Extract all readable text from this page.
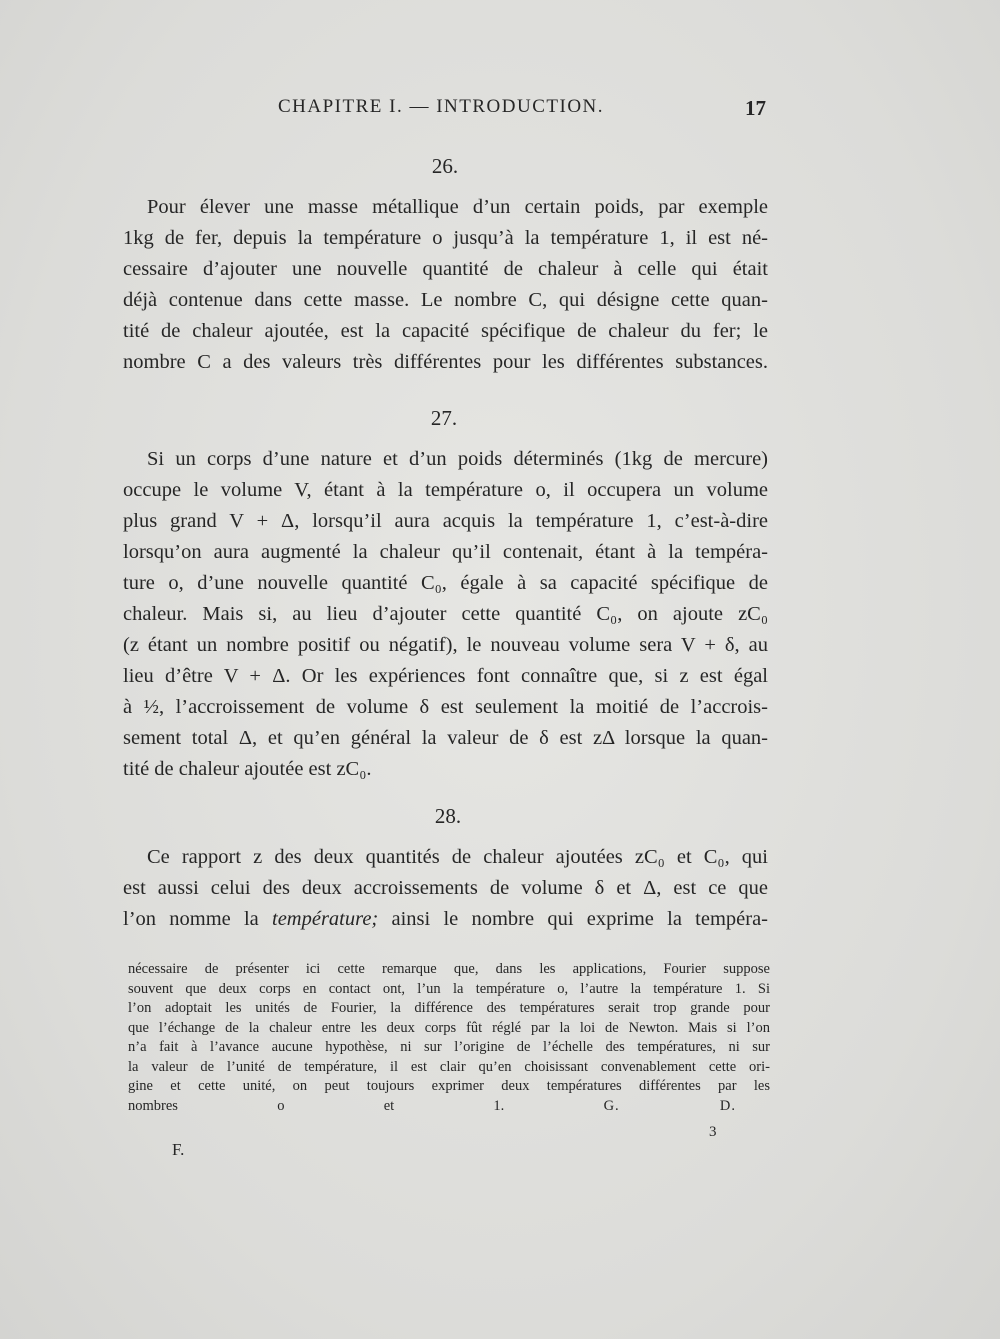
CHAPITRE I. — INTRODUCTION.	17
26.
Pour élever une masse métallique d’un certain poids, par exemple
1kg de fer, depuis la température o jusqu’à la température 1, il est né-
cessaire d’ajouter une nouvelle quantité de chaleur à celle qui était
déjà contenue dans cette masse. Le nombre C, qui désigne cette quan-
tité de chaleur ajoutée, est la capacité spécifique de chaleur du fer; le
nombre C a des valeurs très différentes pour les différentes substances.
27.
Si un corps d’une nature et d’un poids déterminés (1kg de mercure)
occupe le volume V, étant à la température o, il occupera un volume
plus grand V + Δ, lorsqu’il aura acquis la température 1, c’est-à-dire
lorsqu’on aura augmenté la chaleur qu’il contenait, étant à la tempéra-
ture o, d’une nouvelle quantité C₀, égale à sa capacité spécifique de
chaleur. Mais si, au lieu d’ajouter cette quantité C₀, on ajoute zC₀
(z étant un nombre positif ou négatif), le nouveau volume sera V + δ, au
lieu d’être V + Δ. Or les expériences font connaître que, si z est égal
à ½, l’accroissement de volume δ est seulement la moitié de l’accrois-
sement total Δ, et qu’en général la valeur de δ est zΔ lorsque la quan-
tité de chaleur ajoutée est zC₀.
28.
Ce rapport z des deux quantités de chaleur ajoutées zC₀ et C₀, qui
est aussi celui des deux accroissements de volume δ et Δ, est ce que
l’on nomme la température; ainsi le nombre qui exprime la tempéra-
nécessaire de présenter ici cette remarque que, dans les applications, Fourier suppose
souvent que deux corps en contact ont, l’un la température o, l’autre la température 1. Si
l’on adoptait les unités de Fourier, la différence des températures serait trop grande pour
que l’échange de la chaleur entre les deux corps fût réglé par la loi de Newton. Mais si l’on
n’a fait à l’avance aucune hypothèse, ni sur l’origine de l’échelle des températures, ni sur
la valeur de l’unité de température, il est clair qu’en choisissant convenablement cette ori-
gine et cette unité, on peut toujours exprimer deux températures différentes par les
nombres o et 1.	G. D.
F.
3
